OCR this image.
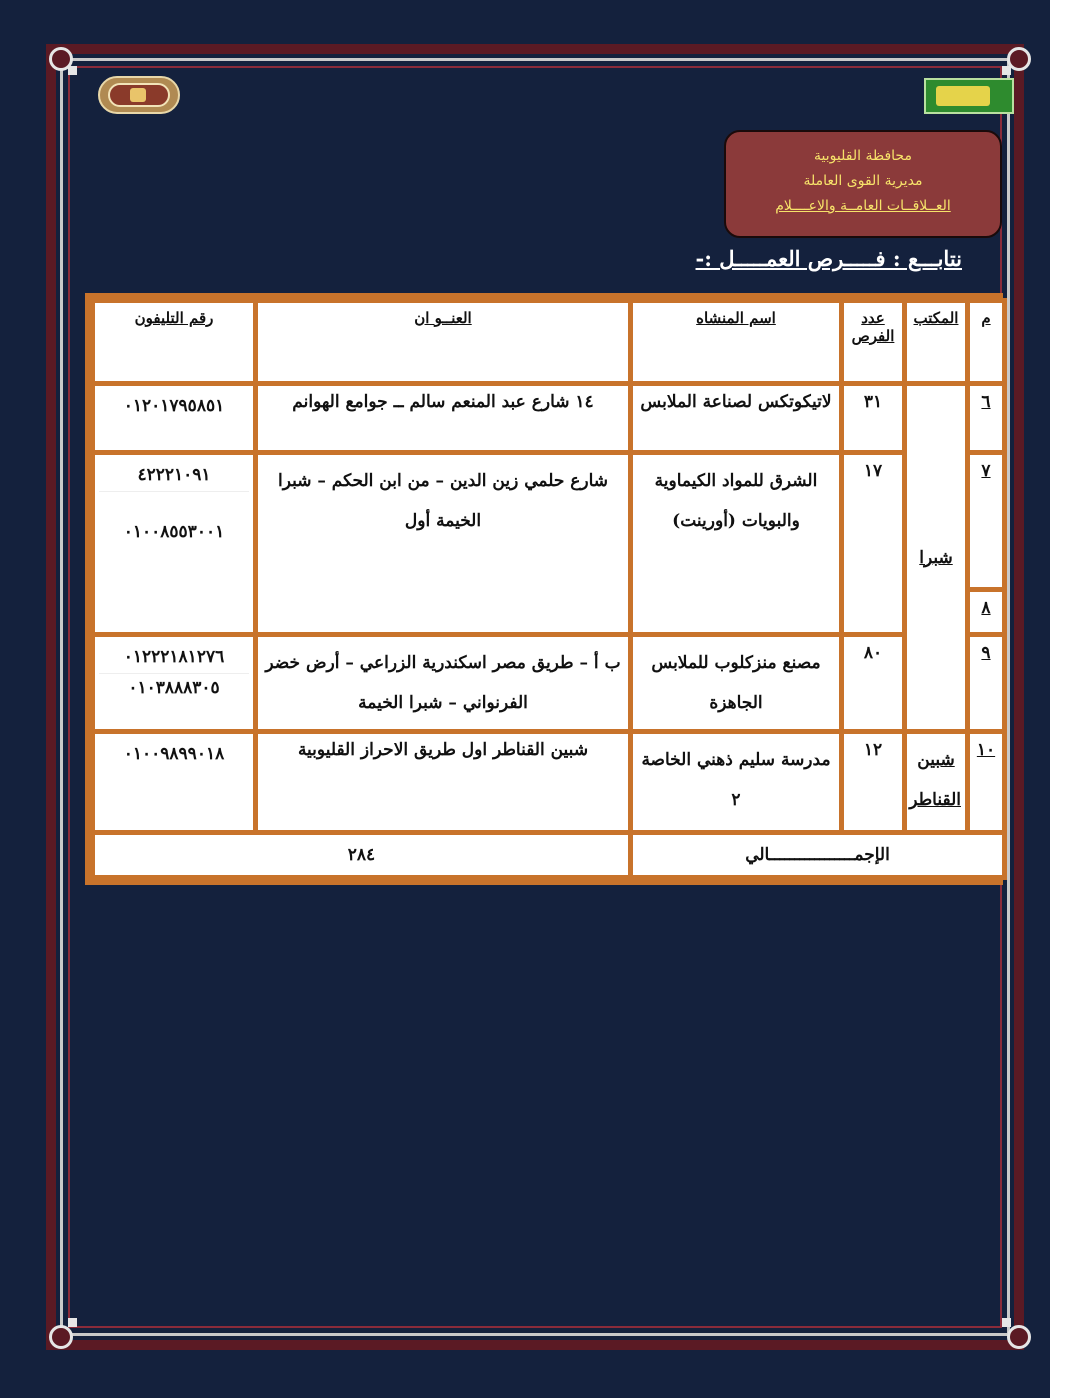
محافظة القليوبية
مديرية القوى العاملة
العــلاقــات العامــة والاعــــلام
نتابـــع : فـــــرص العمـــــل :-
م	المكتب	عدد الفرص	اسم المنشاه	العنــو ان	رقم التليفون
٦	شبرا	٣١	لاتيكوتكس لصناعة الملابس	١٤ شارع عبد المنعم سالم ــ جوامع الهوانم	٠١٢٠١٧٩٥٨٥١

٧		١٧	الشرق للمواد الكيماوية والبويات (أورينت)	شارع حلمي زين الدين – من ابن الحكم – شبرا الخيمة أول	٤٢٢٢١٠٩١
٠١٠٠٨٥٥٣٠٠١

٨					
٩		٨٠	مصنع منزكلوب للملابس الجاهزة	ب أ – طريق مصر اسكندرية الزراعي – أرض خضر الفرنواني – شبرا الخيمة	٠١٢٢٢١٨١٢٧٦
٠١٠٣٨٨٨٣٠٥

١٠	شبين القناطر	١٢	مدرسة سليم ذهني الخاصة ٢	شبين القناطر اول طريق الاحراز القليوبية	٠١٠٠٩٨٩٩٠١٨

الإجمـــــــــــــــــالي				٢٨٤	
